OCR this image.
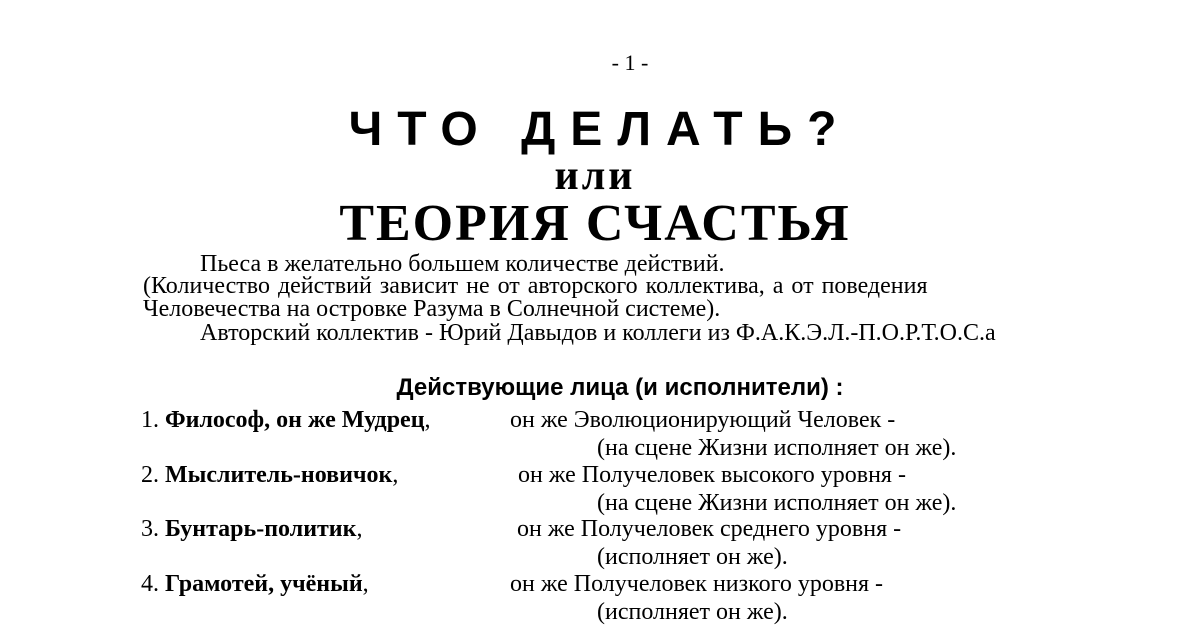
- 1 -
ЧТО ДЕЛАТЬ?
или
ТЕОРИЯ СЧАСТЬЯ
Пьеса в желательно большем количестве действий.
(Количество действий зависит не от авторского коллектива, а от поведения
Человечества на островке Разума в Солнечной системе).
Авторский коллектив - Юрий Давыдов и коллеги из Ф.А.К.Э.Л.-П.О.Р.Т.О.С.а
Действующие лица (и исполнители) :
1. Философ, он же Мудрец,	он же Эволюционирующий Человек -
(на сцене Жизни исполняет он же).
2. Мыслитель-новичок,	он же Получеловек высокого уровня -
(на сцене Жизни исполняет он же).
3. Бунтарь-политик,	он же Получеловек среднего уровня -
(исполняет он же).
4. Грамотей, учёный,	он же Получеловек низкого уровня -
(исполняет он же).
